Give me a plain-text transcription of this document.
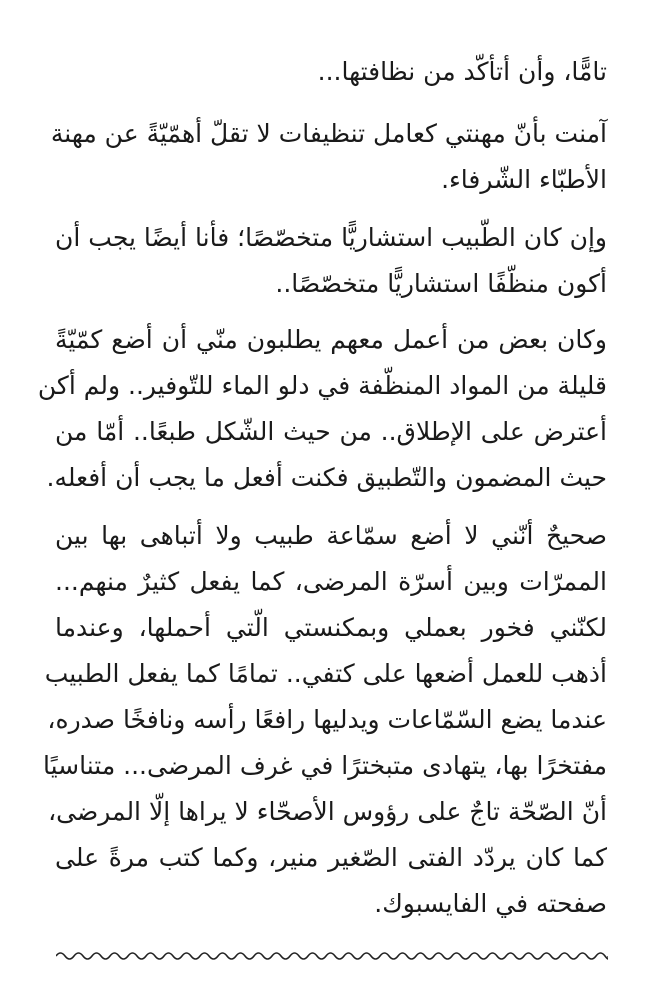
تامًّا، وأن أتأكّد من نظافتها...
آمنت بأنّ مهنتي كعامل تنظيفات لا تقلّ أهمّيّةً عن مهنة
الأطبّاء الشّرفاء.
وإن كان الطّبيب استشاريًّا متخصّصًا؛ فأنا أيضًا يجب أن
أكون منظّفًا استشاريًّا متخصّصًا..
وكان بعض من أعمل معهم يطلبون منّي أن أضع كمّيّةً
قليلة من المواد المنظّفة في دلو الماء للتّوفير.. ولم أكن
أعترض على الإطلاق.. من حيث الشّكل طبعًا.. أمّا من
حيث المضمون والتّطبيق فكنت أفعل ما يجب أن أفعله.
صحيحٌ أنّني لا أضع سمّاعة طبيب ولا أتباهى بها بين
الممرّات وبين أسرّة المرضى، كما يفعل كثيرٌ منهم...
لكنّني فخور بعملي وبمكنستي الّتي أحملها، وعندما
أذهب للعمل أضعها على كتفي.. تمامًا كما يفعل الطبيب
عندما يضع السّمّاعات ويدليها رافعًا رأسه ونافخًا صدره،
مفتخرًا بها، يتهادى متبخترًا في غرف المرضى... متناسيًا
أنّ الصّحّة تاجٌ على رؤوس الأصحّاء لا يراها إلّا المرضى،
كما كان يردّد الفتى الصّغير منير، وكما كتب مرةً على
صفحته في الفايسبوك.
